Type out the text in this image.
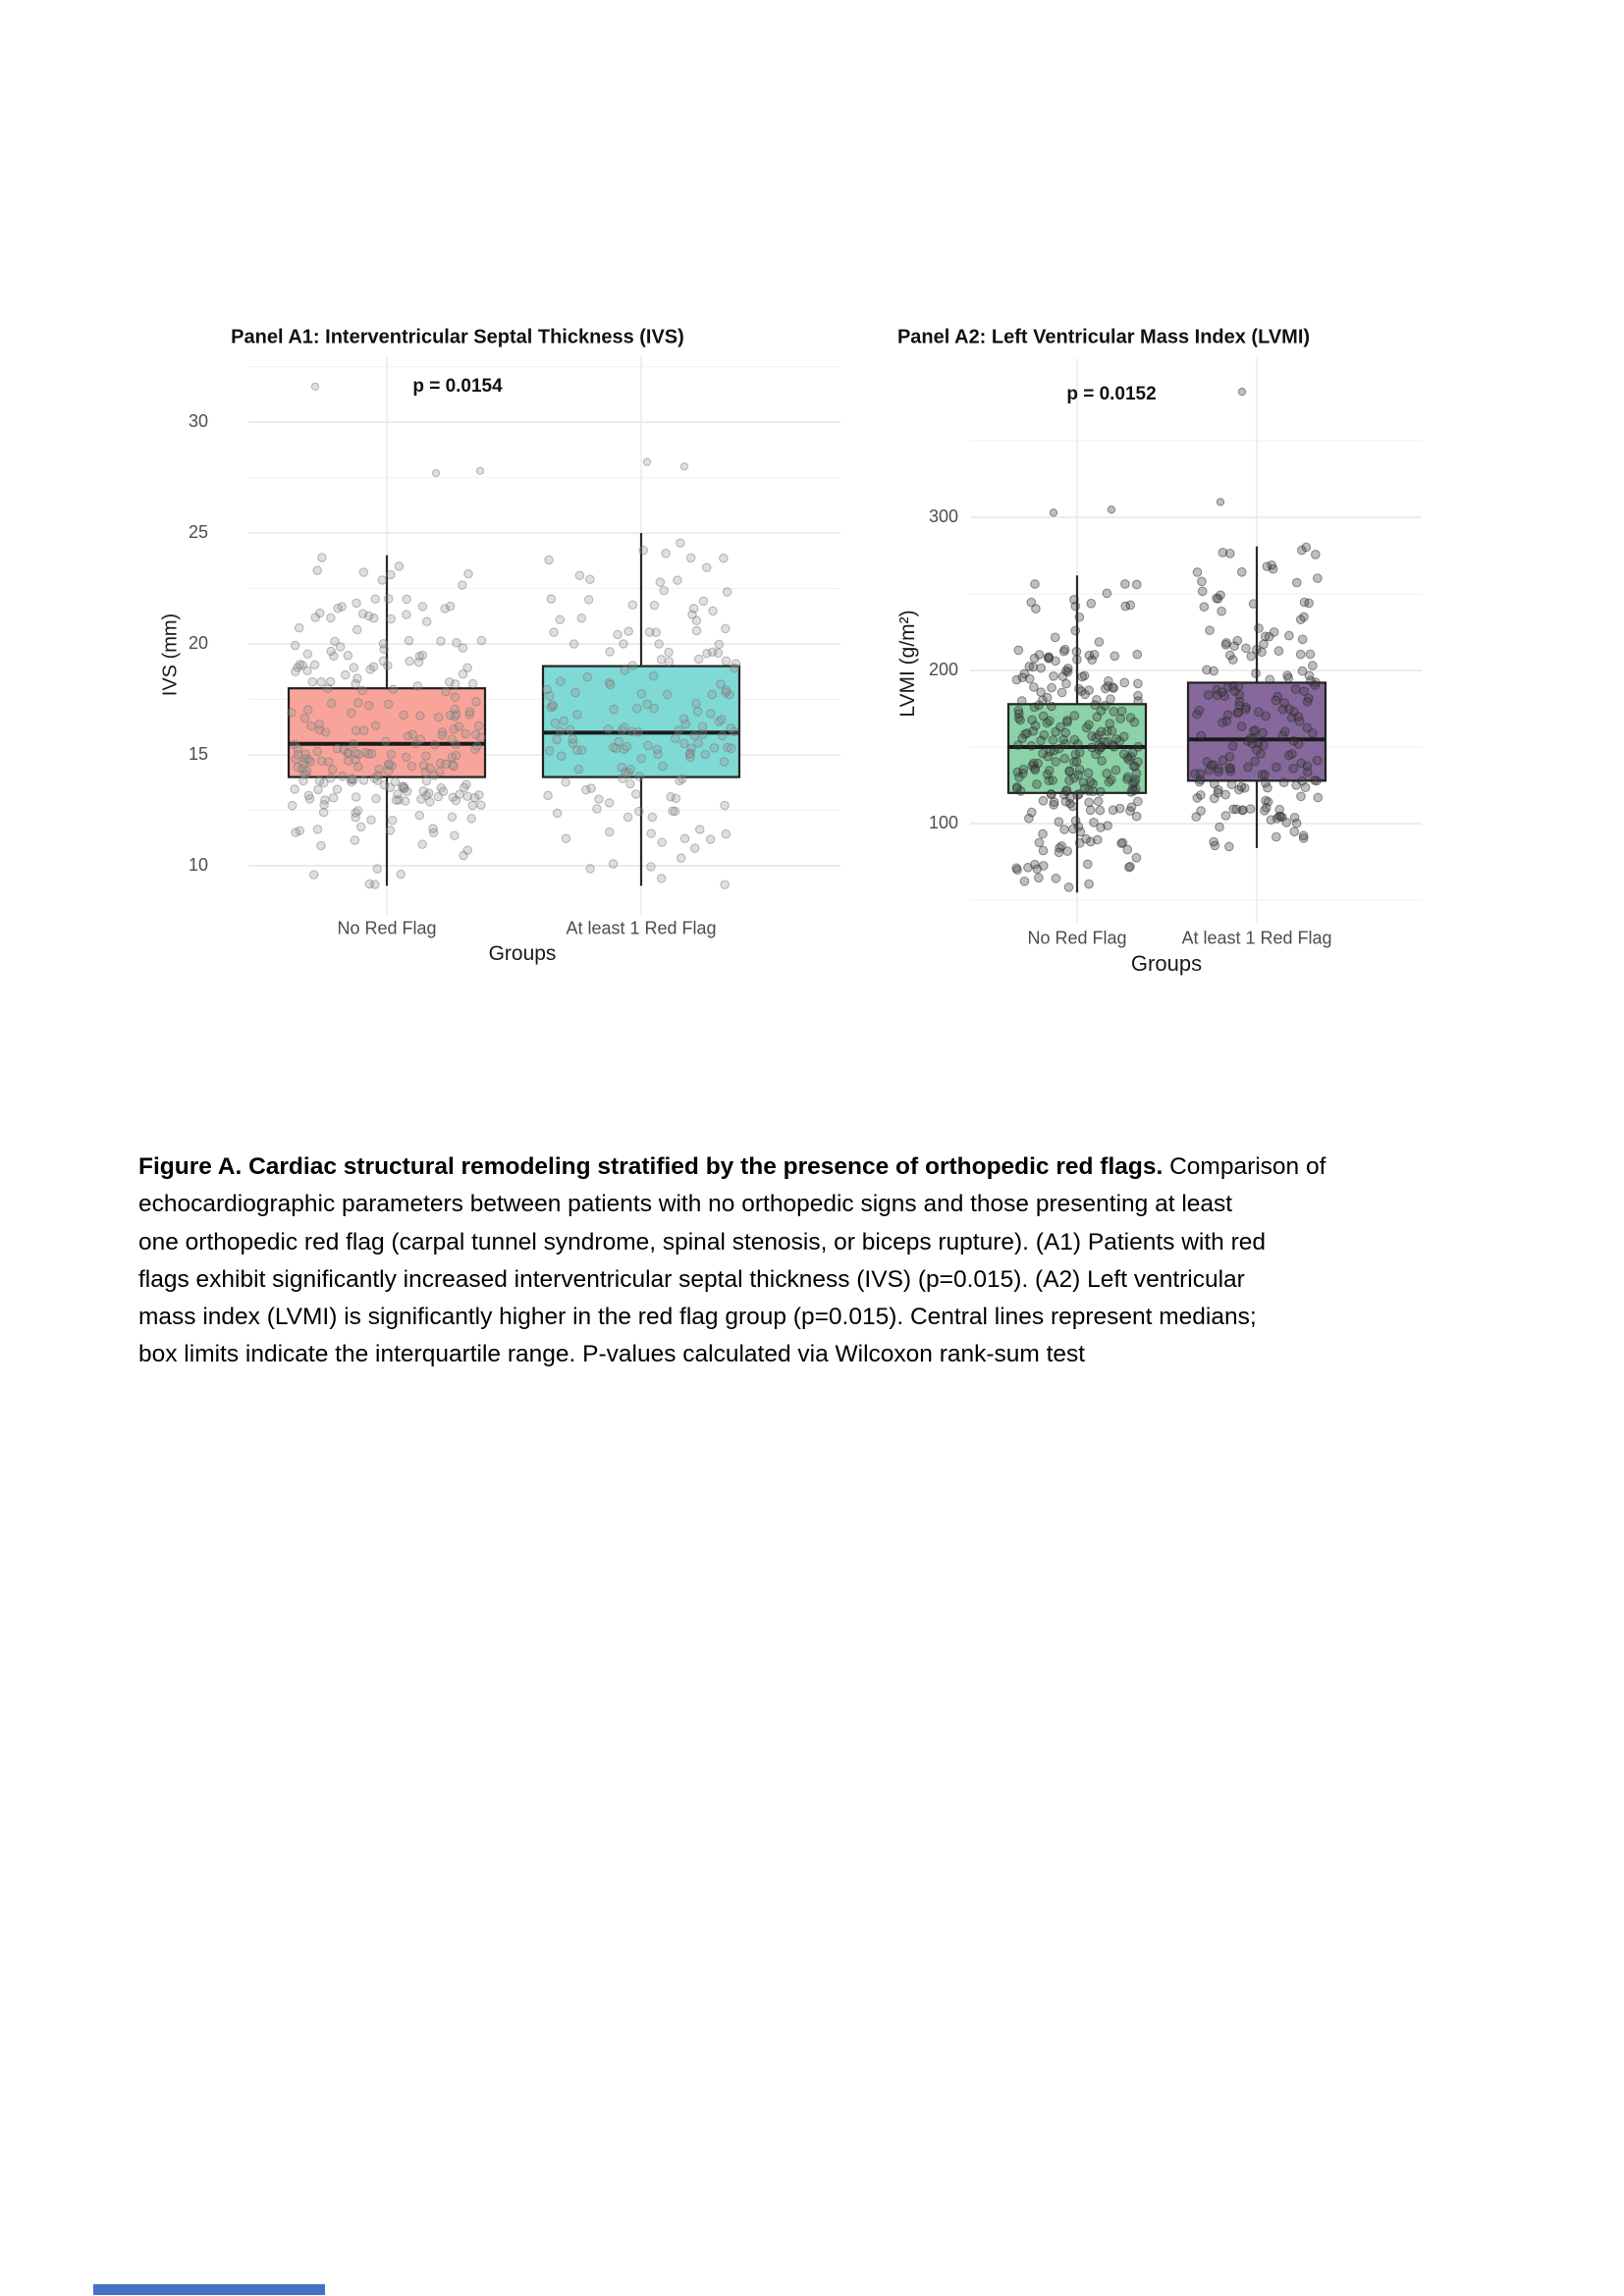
Panel A1: Interventricular Septal Thickness (IVS)
p = 0.0154
30
25
20
15
10
IVS (mm)
No Red Flag	At least 1 Red Flag
Groups
Panel A2: Left Ventricular Mass Index (LVMI)
p = 0.0152
300
200
100
LVMI (g/m²)
No Red Flag	At least 1 Red Flag
Groups
Figure A. Cardiac structural remodeling stratified by the presence of orthopedic red flags. Comparison of
echocardiographic parameters between patients with no orthopedic signs and those presenting at least
one orthopedic red flag (carpal tunnel syndrome, spinal stenosis, or biceps rupture). (A1) Patients with red
flags exhibit significantly increased interventricular septal thickness (IVS) (p=0.015). (A2) Left ventricular
mass index (LVMI) is significantly higher in the red flag group (p=0.015). Central lines represent medians;
box limits indicate the interquartile range. P-values calculated via Wilcoxon rank-sum test
